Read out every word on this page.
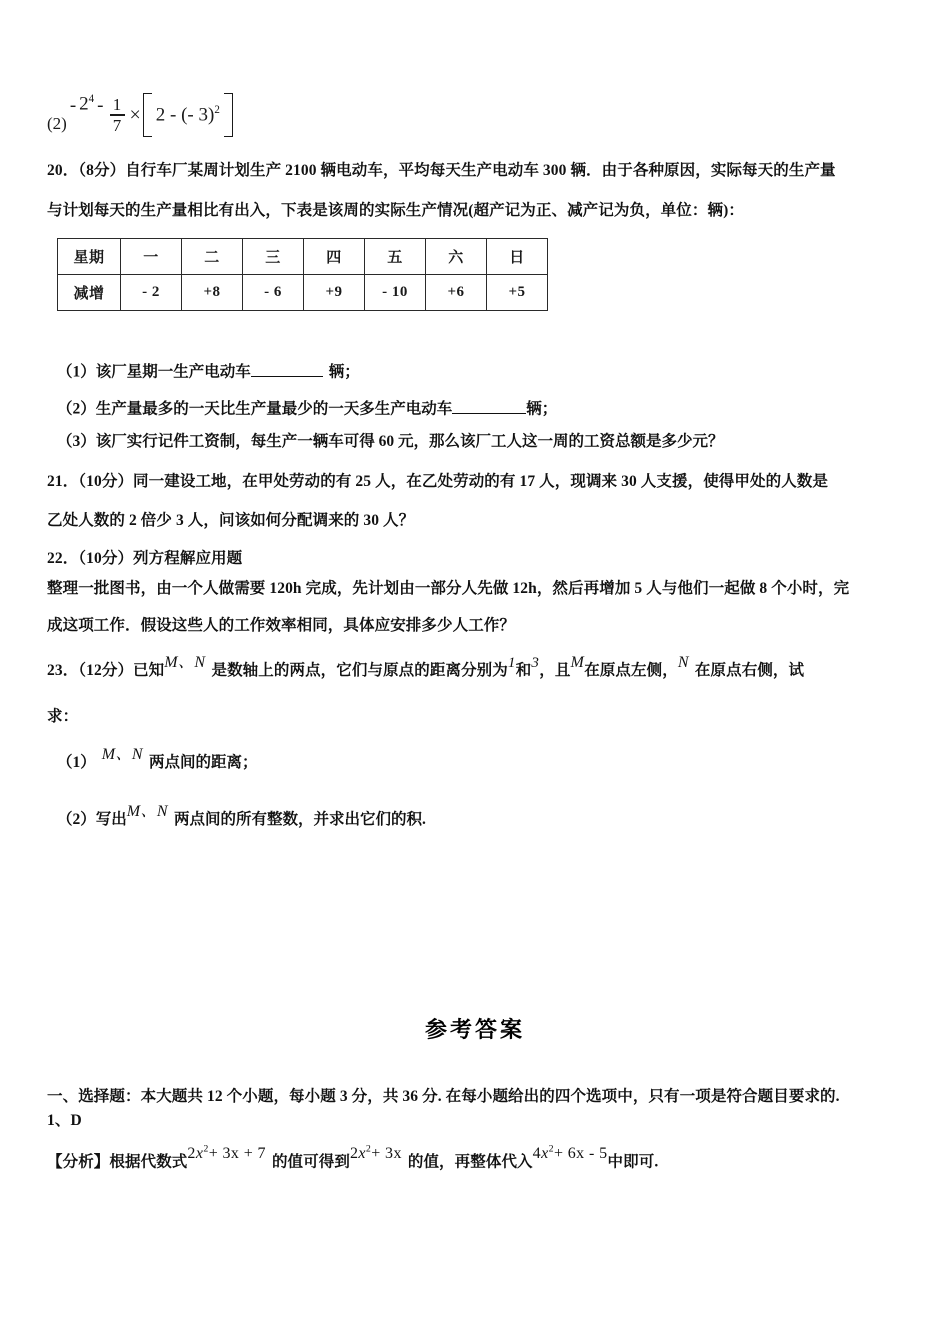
(2)
- $2^4 - \frac{1}{7} \times 2$ - (- 3)$^2$
20．（8分）自行车厂某周计划生产 2100 辆电动车，平均每天生产电动车 300 辆．由于各种原因，实际每天的生产量
与计划每天的生产量相比有出入，下表是该周的实际生产情况(超产记为正、减产记为负，单位：辆)：
星期	一	二	三	四	五	六	日
减增	- 2	+8	- 6	+9	- 10	+6	+5
（1）该厂星期一生产电动车	辆；
（2）生产量最多的一天比生产量最少的一天多生产电动车	辆；
（3）该厂实行记件工资制，每生产一辆车可得 60 元，那么该厂工人这一周的工资总额是多少元？
21．（10分）同一建设工地，在甲处劳动的有 25 人，在乙处劳动的有 17 人，现调来 30 人支援，使得甲处的人数是
乙处人数的 2 倍少 3 人，问该如何分配调来的 30 人？
22．（10分）列方程解应用题
整理一批图书，由一个人做需要 120h 完成，先计划由一部分人先做 12h，然后再增加 5 人与他们一起做 8 个小时，完
成这项工作．假设这些人的工作效率相同，具体应安排多少人工作？
23．（12分）已知M、N 是数轴上的两点，它们与原点的距离分别为1和3，且M在原点左侧，N 在原点右侧，试
求：
（1） M、N 两点间的距离；
（2）写出M、N 两点间的所有整数，并求出它们的积.
参考答案
一、选择题：本大题共 12 个小题，每小题 3 分，共 36 分. 在每小题给出的四个选项中，只有一项是符合题目要求的.
1、D
【分析】根据代数式$2x^2+ 3x + 7$ 的值可得到$2x^2+ 3x$ 的值，再整体代入$4x^2+ 6x - 5$中即可.
